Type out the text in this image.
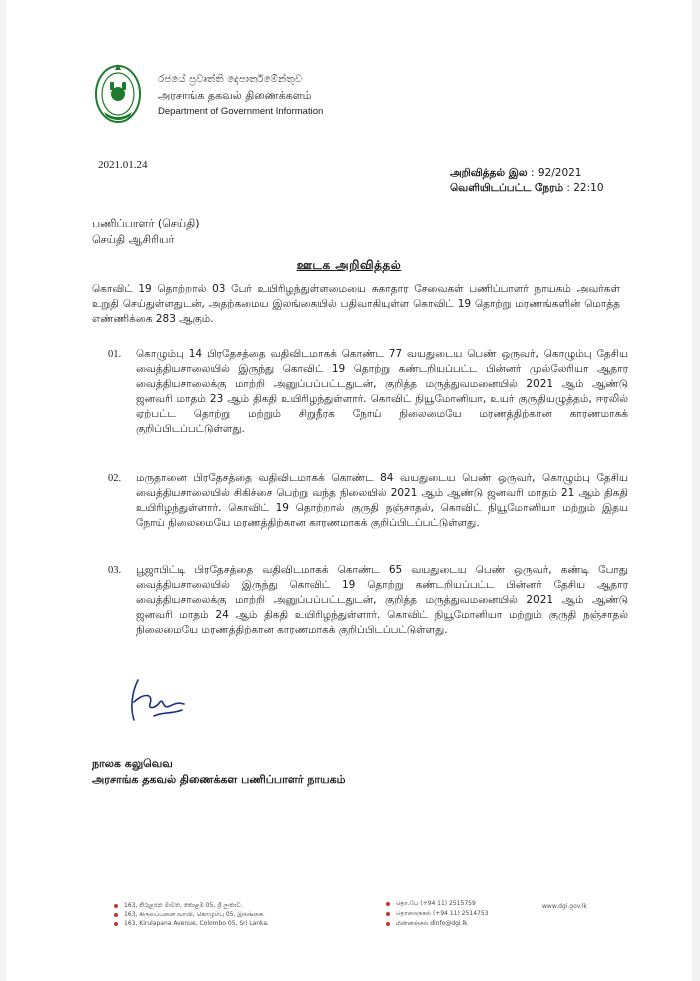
රජයේ ප්‍රවෘත්ති දෙපාර්තමේන්තුව
அரசாங்க தகவல் திணைக்களம்
Department of Government Information
2021.01.24
அறிவித்தல் இல : 92/2021
வெளியிடப்பட்ட நேரம் : 22:10
பணிப்பாளர் (செய்தி)
செய்தி ஆசிரியர்
ஊடக அறிவித்தல்
கொவிட் 19 தொற்றால் 03 பேர் உயிரிழந்துள்ளமையை சுகாதார சேவைகள் பணிப்பாளர் நாயகம் அவர்கள் உறுதி செய்துள்ளதுடன், அதற்கமைய இலங்கையில் பதிவாகியுள்ள கொவிட் 19 தொற்று மரணங்களின் மொத்த எண்ணிக்கை 283 ஆகும்.
01.	கொழும்பு 14 பிரதேசத்தை வதிவிடமாகக் கொண்ட 77 வயதுடைய பெண் ஒருவர், கொழும்பு தேசிய வைத்தியசாலையில் இருந்து கொவிட் 19 தொற்று கண்டறியப்பட்ட பின்னர் முல்லேரியா ஆதார வைத்தியசாலைக்கு மாற்றி அனுப்பப்பட்டதுடன், குறித்த மருத்துவமனையில் 2021 ஆம் ஆண்டு ஜனவரி மாதம் 23 ஆம் திகதி உயிரிழந்துள்ளார். கொவிட் நியூமோனியா, உயர் குருதியழுத்தம், ஈரலில் ஏற்பட்ட தொற்று மற்றும் சிறுநீரக நோய் நிலைமையே மரணத்திற்கான காரணமாகக் குறிப்பிடப்பட்டுள்ளது.
02.	மருதானை பிரதேசத்தை வதிவிடமாகக் கொண்ட 84 வயதுடைய பெண் ஒருவர், கொழும்பு தேசிய வைத்தியசாலையில் சிகிச்சை பெற்று வந்த நிலையில் 2021 ஆம் ஆண்டு ஜனவரி மாதம் 21 ஆம் திகதி உயிரிழந்துள்ளார். கொவிட் 19 தொற்றால் குருதி நஞ்சாதல், கொவிட் நியூமோனியா மற்றும் இதய நோய் நிலைமையே மரணத்திற்கான காரணமாகக் குறிப்பிடப்பட்டுள்ளது.
03.	பூஜாபிட்டி பிரதேசத்தை வதிவிடமாகக் கொண்ட 65 வயதுடைய பெண் ஒருவர், கண்டி போது வைத்தியசாலையில் இருந்து கொவிட் 19 தொற்று கண்டறியப்பட்ட பின்னர் தேசிய ஆதார வைத்தியசாலைக்கு மாற்றி அனுப்பப்பட்டதுடன், குறித்த மருத்துவமனையில் 2021 ஆம் ஆண்டு ஜனவரி மாதம் 24 ஆம் திகதி உயிரிழந்துள்ளார். கொவிட் நியூமோனியா மற்றும் குருதி நஞ்சாதல் நிலைமையே மரணத்திற்கான காரணமாகக் குறிப்பிடப்பட்டுள்ளது.
நாலக கலுவெவ
அரசாங்க தகவல் திணைக்கள பணிப்பாளர் நாயகம்
163, කිරුළපන මාවත, කොළඹ 05, ශ්‍රී ලංකාව.
163, கிருலப்பனை வாவி, கொழும்பு 05, இலங்கை.
163, Kirulapana Avenue, Colombo 05, Sri Lanka.
தொ.பே (+94 11) 2515759
தொலைநகல் (+94 11) 2514753
மின்னஞ்சல் dinfo@dgi.lk
www.dgi.gov.lk
